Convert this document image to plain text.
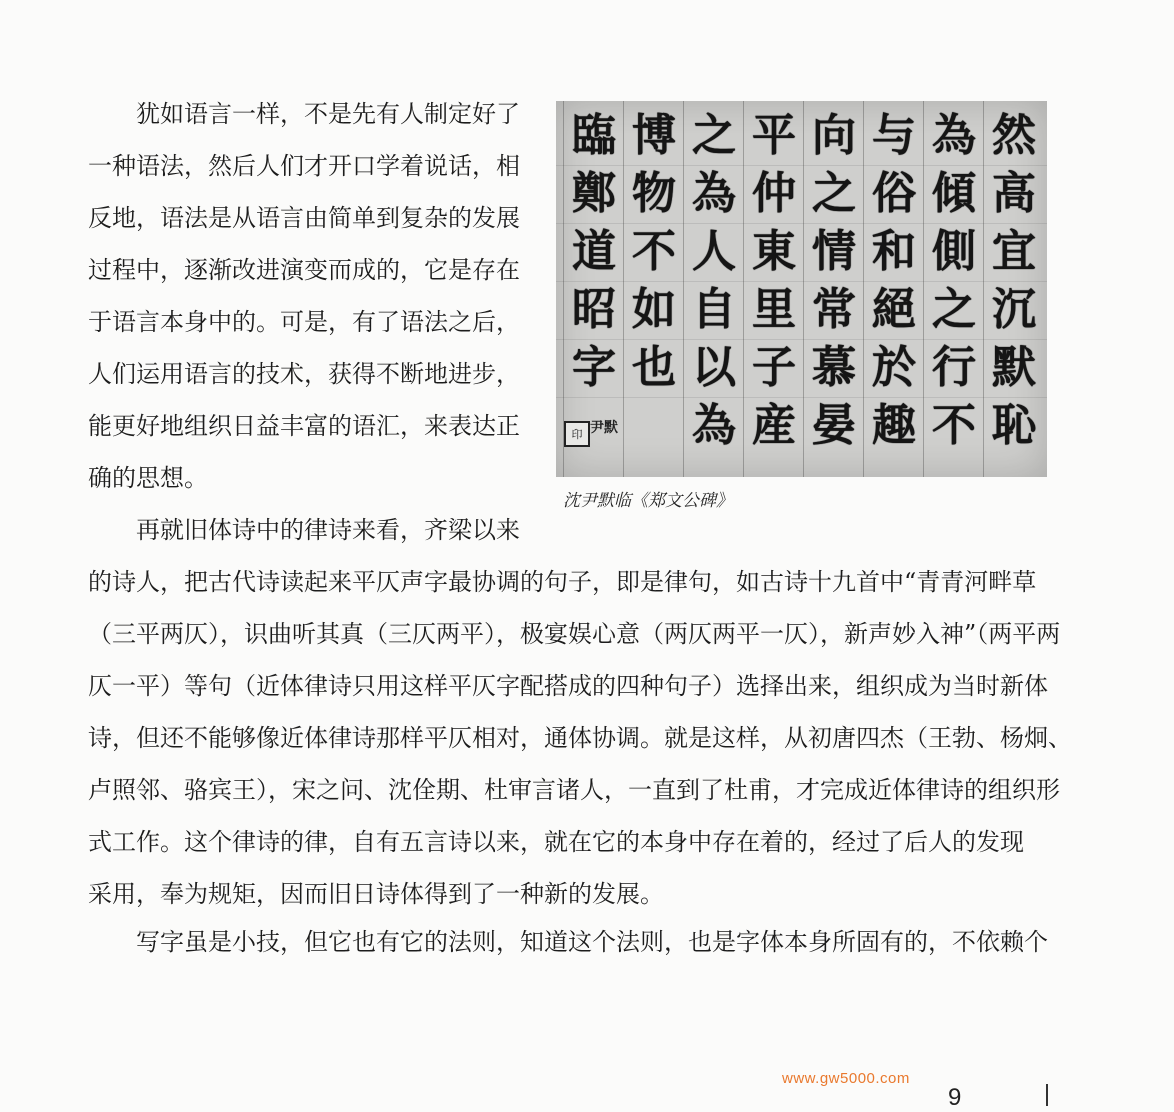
犹如语言一样，不是先有人制定好了
一种语法，然后人们才开口学着说话，相
反地，语法是从语言由简单到复杂的发展
过程中，逐渐改进演变而成的，它是存在
于语言本身中的。可是，有了语法之后，
人们运用语言的技术，获得不断地进步，
能更好地组织日益丰富的语汇，来表达正
确的思想。
然
高
宜
沉
默
恥
為
傾
側
之
行
不
与
俗
和
絕
於
趣
向
之
情
常
慕
晏
平
仲
東
里
子
産
之
為
人
自
以
為
博
物
不
如
也
臨
鄭
道
昭
字
印 尹默
沈尹默临《郑文公碑》
再就旧体诗中的律诗来看，齐梁以来
的诗人，把古代诗读起来平仄声字最协调的句子，即是律句，如古诗十九首中“青青河畔草
（三平两仄），识曲听其真（三仄两平），极宴娱心意（两仄两平一仄），新声妙入神”（两平两
仄一平）等句（近体律诗只用这样平仄字配搭成的四种句子）选择出来，组织成为当时新体
诗，但还不能够像近体律诗那样平仄相对，通体协调。就是这样，从初唐四杰（王勃、杨炯、
卢照邻、骆宾王），宋之问、沈佺期、杜审言诸人，一直到了杜甫，才完成近体律诗的组织形
式工作。这个律诗的律，自有五言诗以来，就在它的本身中存在着的，经过了后人的发现
采用，奉为规矩，因而旧日诗体得到了一种新的发展。
写字虽是小技，但它也有它的法则，知道这个法则，也是字体本身所固有的，不依赖个
www.gw5000.com
9
